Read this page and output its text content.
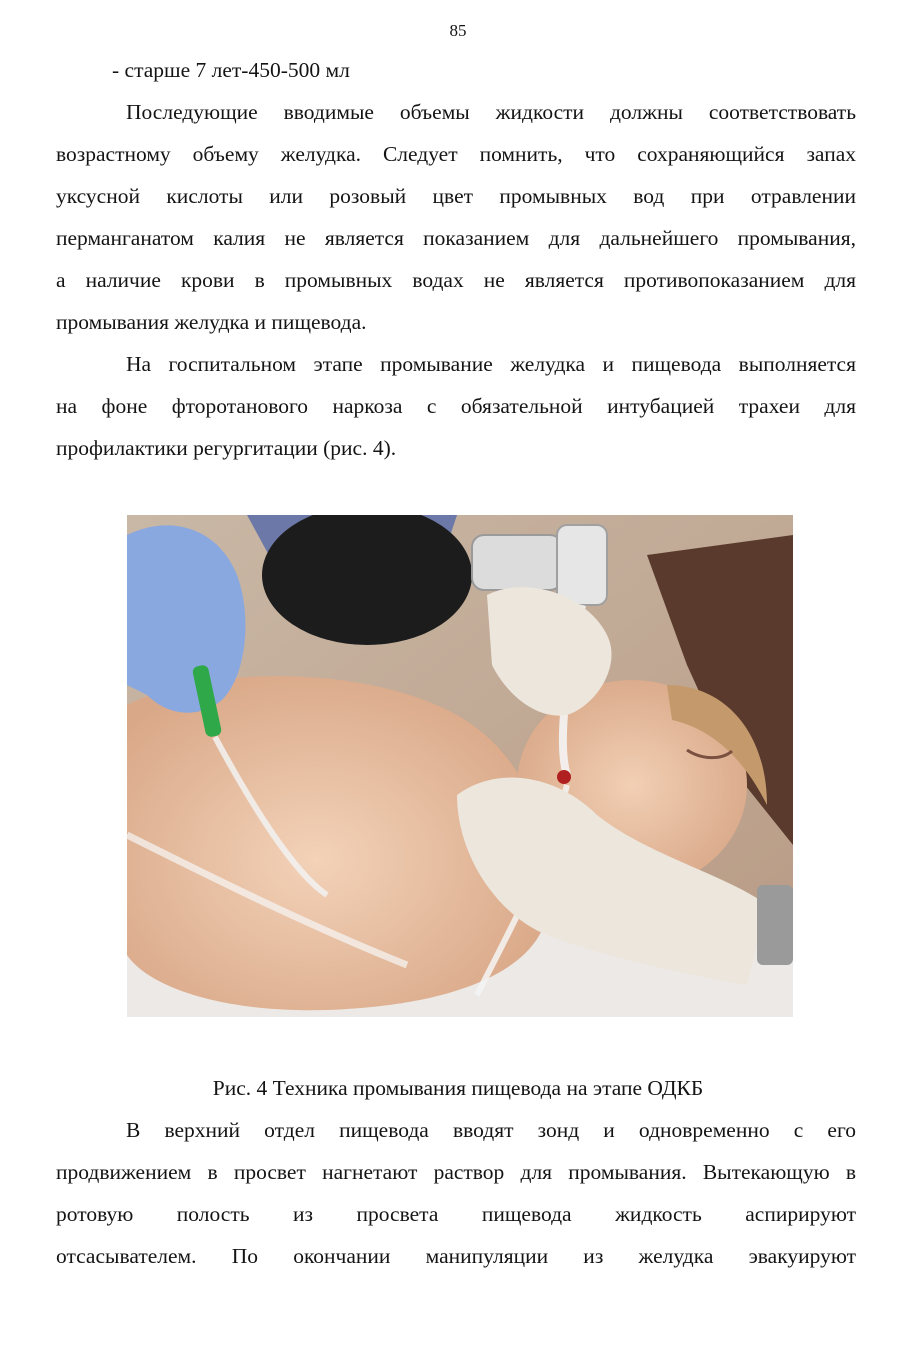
85
- старше 7 лет-450-500 мл
Последующие вводимые объемы жидкости должны соответствовать
возрастному объему желудка. Следует помнить, что сохраняющийся запах
уксусной кислоты или розовый цвет промывных вод при отравлении
перманганатом калия не является показанием для дальнейшего промывания,
а наличие крови в промывных водах не является противопоказанием для
промывания желудка и пищевода.
На госпитальном этапе промывание желудка и пищевода выполняется
на фоне фторотанового наркоза с обязательной интубацией трахеи для
профилактики регургитации (рис. 4).
Рис. 4 Техника промывания пищевода на этапе ОДКБ
В верхний отдел пищевода вводят зонд и одновременно с его
продвижением в просвет нагнетают раствор для промывания. Вытекающую в
ротовую полость из просвета пищевода жидкость аспирируют
отсасывателем. По окончании манипуляции из желудка эвакуируют
